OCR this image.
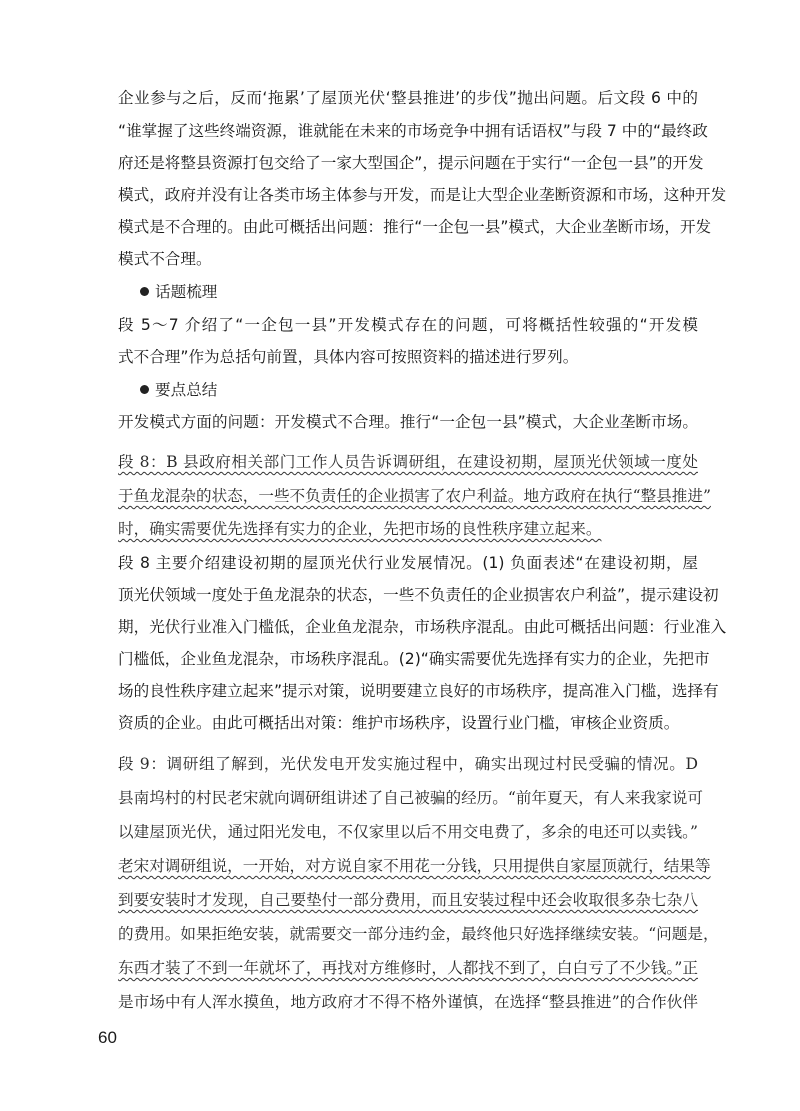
企业参与之后，反而‘拖累’了屋顶光伏‘整县推进’的步伐”抛出问题。后文段 6 中的
“谁掌握了这些终端资源，谁就能在未来的市场竞争中拥有话语权”与段 7 中的“最终政
府还是将整县资源打包交给了一家大型国企”，提示问题在于实行“一企包一县”的开发
模式，政府并没有让各类市场主体参与开发，而是让大型企业垄断资源和市场，这种开发
模式是不合理的。由此可概括出问题：推行“一企包一县”模式，大企业垄断市场，开发
模式不合理。
话题梳理
段 5～7 介绍了“一企包一县”开发模式存在的问题，可将概括性较强的“开发模
式不合理”作为总括句前置，具体内容可按照资料的描述进行罗列。
要点总结
开发模式方面的问题：开发模式不合理。推行“一企包一县”模式，大企业垄断市场。
段 8：B 县政府相关部门工作人员告诉调研组，在建设初期，屋顶光伏领域一度处
于鱼龙混杂的状态，一些不负责任的企业损害了农户利益。地方政府在执行“整县推进”
时，确实需要优先选择有实力的企业，先把市场的良性秩序建立起来。
段 8 主要介绍建设初期的屋顶光伏行业发展情况。(1) 负面表述“在建设初期，屋
顶光伏领域一度处于鱼龙混杂的状态，一些不负责任的企业损害农户利益”，提示建设初
期，光伏行业准入门槛低，企业鱼龙混杂，市场秩序混乱。由此可概括出问题：行业准入
门槛低，企业鱼龙混杂，市场秩序混乱。(2)“确实需要优先选择有实力的企业，先把市
场的良性秩序建立起来”提示对策，说明要建立良好的市场秩序，提高准入门槛，选择有
资质的企业。由此可概括出对策：维护市场秩序，设置行业门槛，审核企业资质。
段 9：调研组了解到，光伏发电开发实施过程中，确实出现过村民受骗的情况。D
县南坞村的村民老宋就向调研组讲述了自己被骗的经历。“前年夏天，有人来我家说可
以建屋顶光伏，通过阳光发电，不仅家里以后不用交电费了，多余的电还可以卖钱。”
老宋对调研组说，一开始，对方说自家不用花一分钱，只用提供自家屋顶就行，结果等
到要安装时才发现，自己要垫付一部分费用，而且安装过程中还会收取很多杂七杂八
的费用。如果拒绝安装，就需要交一部分违约金，最终他只好选择继续安装。“问题是，
东西才装了不到一年就坏了，再找对方维修时，人都找不到了，白白亏了不少钱。”正
是市场中有人浑水摸鱼，地方政府才不得不格外谨慎，在选择“整县推进”的合作伙伴
60
